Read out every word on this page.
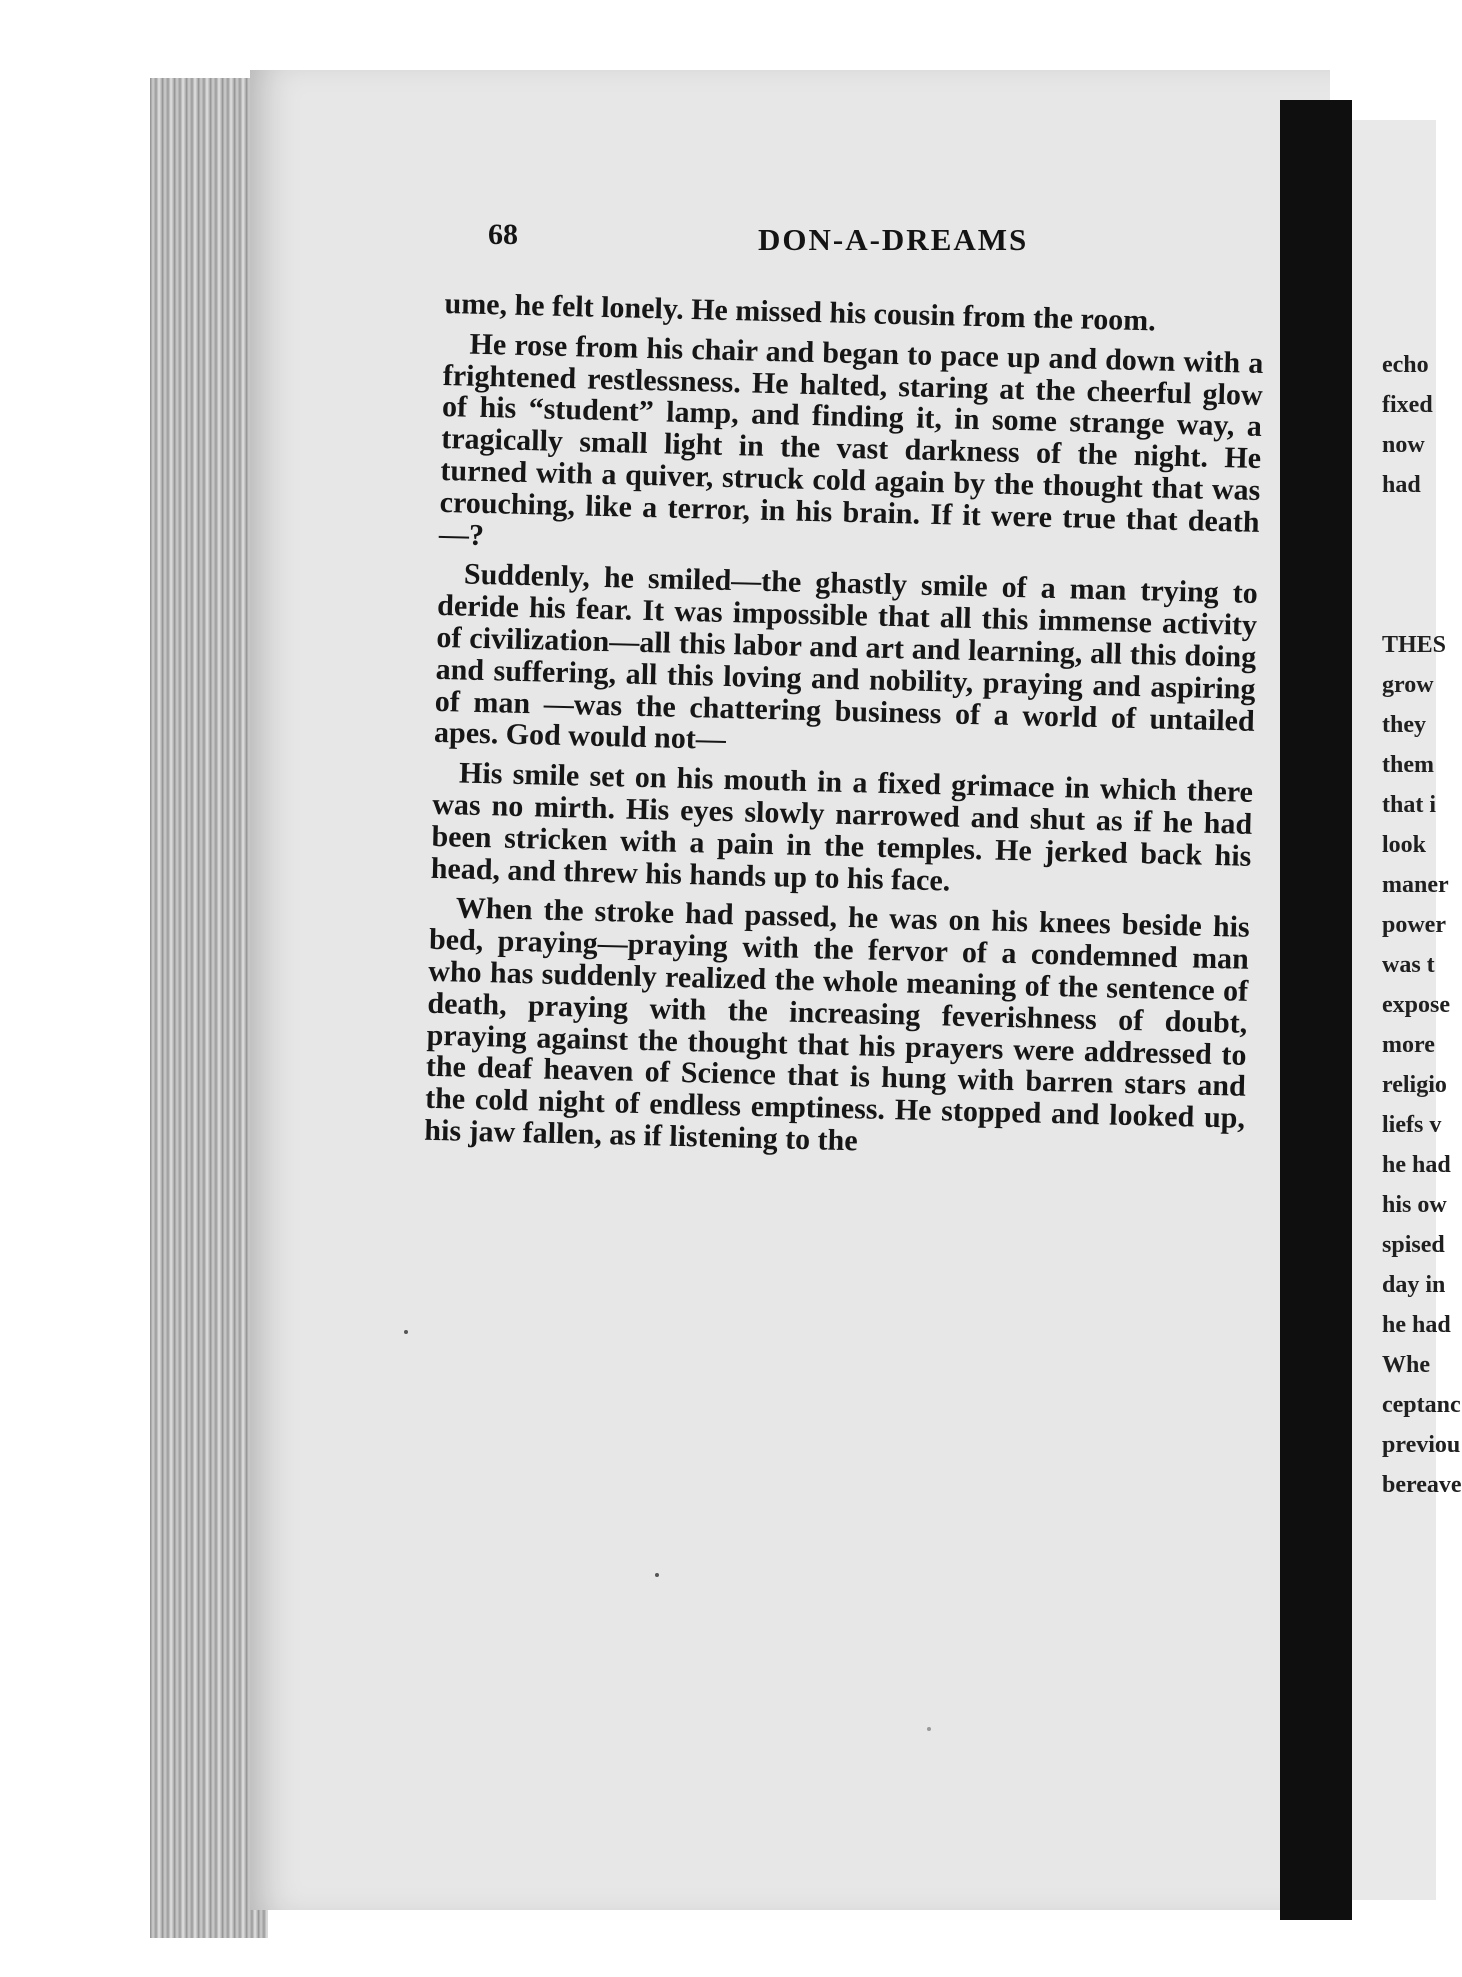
68	DON-A-DREAMS

ume, he felt lonely. He missed his cousin from the room.

He rose from his chair and began to pace up and down with a frightened restlessness. He halted, staring at the cheerful glow of his “student” lamp, and finding it, in some strange way, a tragically small light in the vast darkness of the night. He turned with a quiver, struck cold again by the thought that was crouching, like a terror, in his brain. If it were true that death—?

Suddenly, he smiled—the ghastly smile of a man trying to deride his fear. It was impossible that all this immense activity of civilization—all this labor and art and learning, all this doing and suffering, all this loving and nobility, praying and aspiring of man —was the chattering business of a world of untailed apes. God would not—

His smile set on his mouth in a fixed grimace in which there was no mirth. His eyes slowly narrowed and shut as if he had been stricken with a pain in the temples. He jerked back his head, and threw his hands up to his face.

When the stroke had passed, he was on his knees beside his bed, praying—praying with the fervor of a condemned man who has suddenly realized the whole meaning of the sentence of death, praying with the increasing feverishness of doubt, praying against the thought that his prayers were addressed to the deaf heaven of Science that is hung with barren stars and the cold night of endless emptiness. He stopped and looked up, his jaw fallen, as if listening to the

echo
fixed
now
had
THES
grow
they
them
that i
look
maner
power
was t
expose
more
religio
liefs v
he had
his ow
spised
day in
he had
Whe
ceptanc
previou
bereave
